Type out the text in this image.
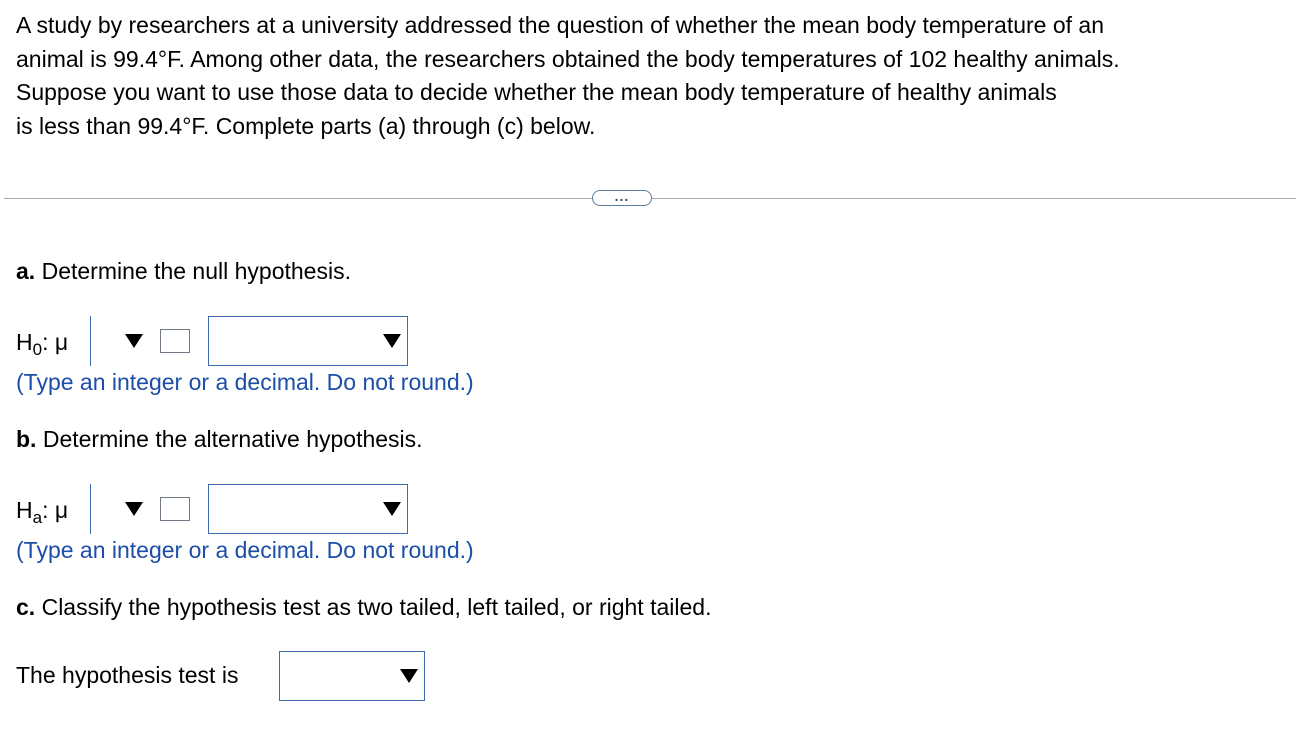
A study by researchers at a university addressed the question of whether the mean body temperature of an

animal is 99.4°F. Among other data, the researchers obtained the body temperatures of 102 healthy animals.

Suppose you want to use those data to decide whether the mean body temperature of healthy animals

is less than 99.4°F. Complete parts (a) through (c) below.

...
a. Determine the null hypothesis.
$H_0$: μ
(Type an integer or a decimal. Do not round.)
b. Determine the alternative hypothesis.
$H_a$: μ
(Type an integer or a decimal. Do not round.)
c. Classify the hypothesis test as two tailed, left tailed, or right tailed.
The hypothesis test is
